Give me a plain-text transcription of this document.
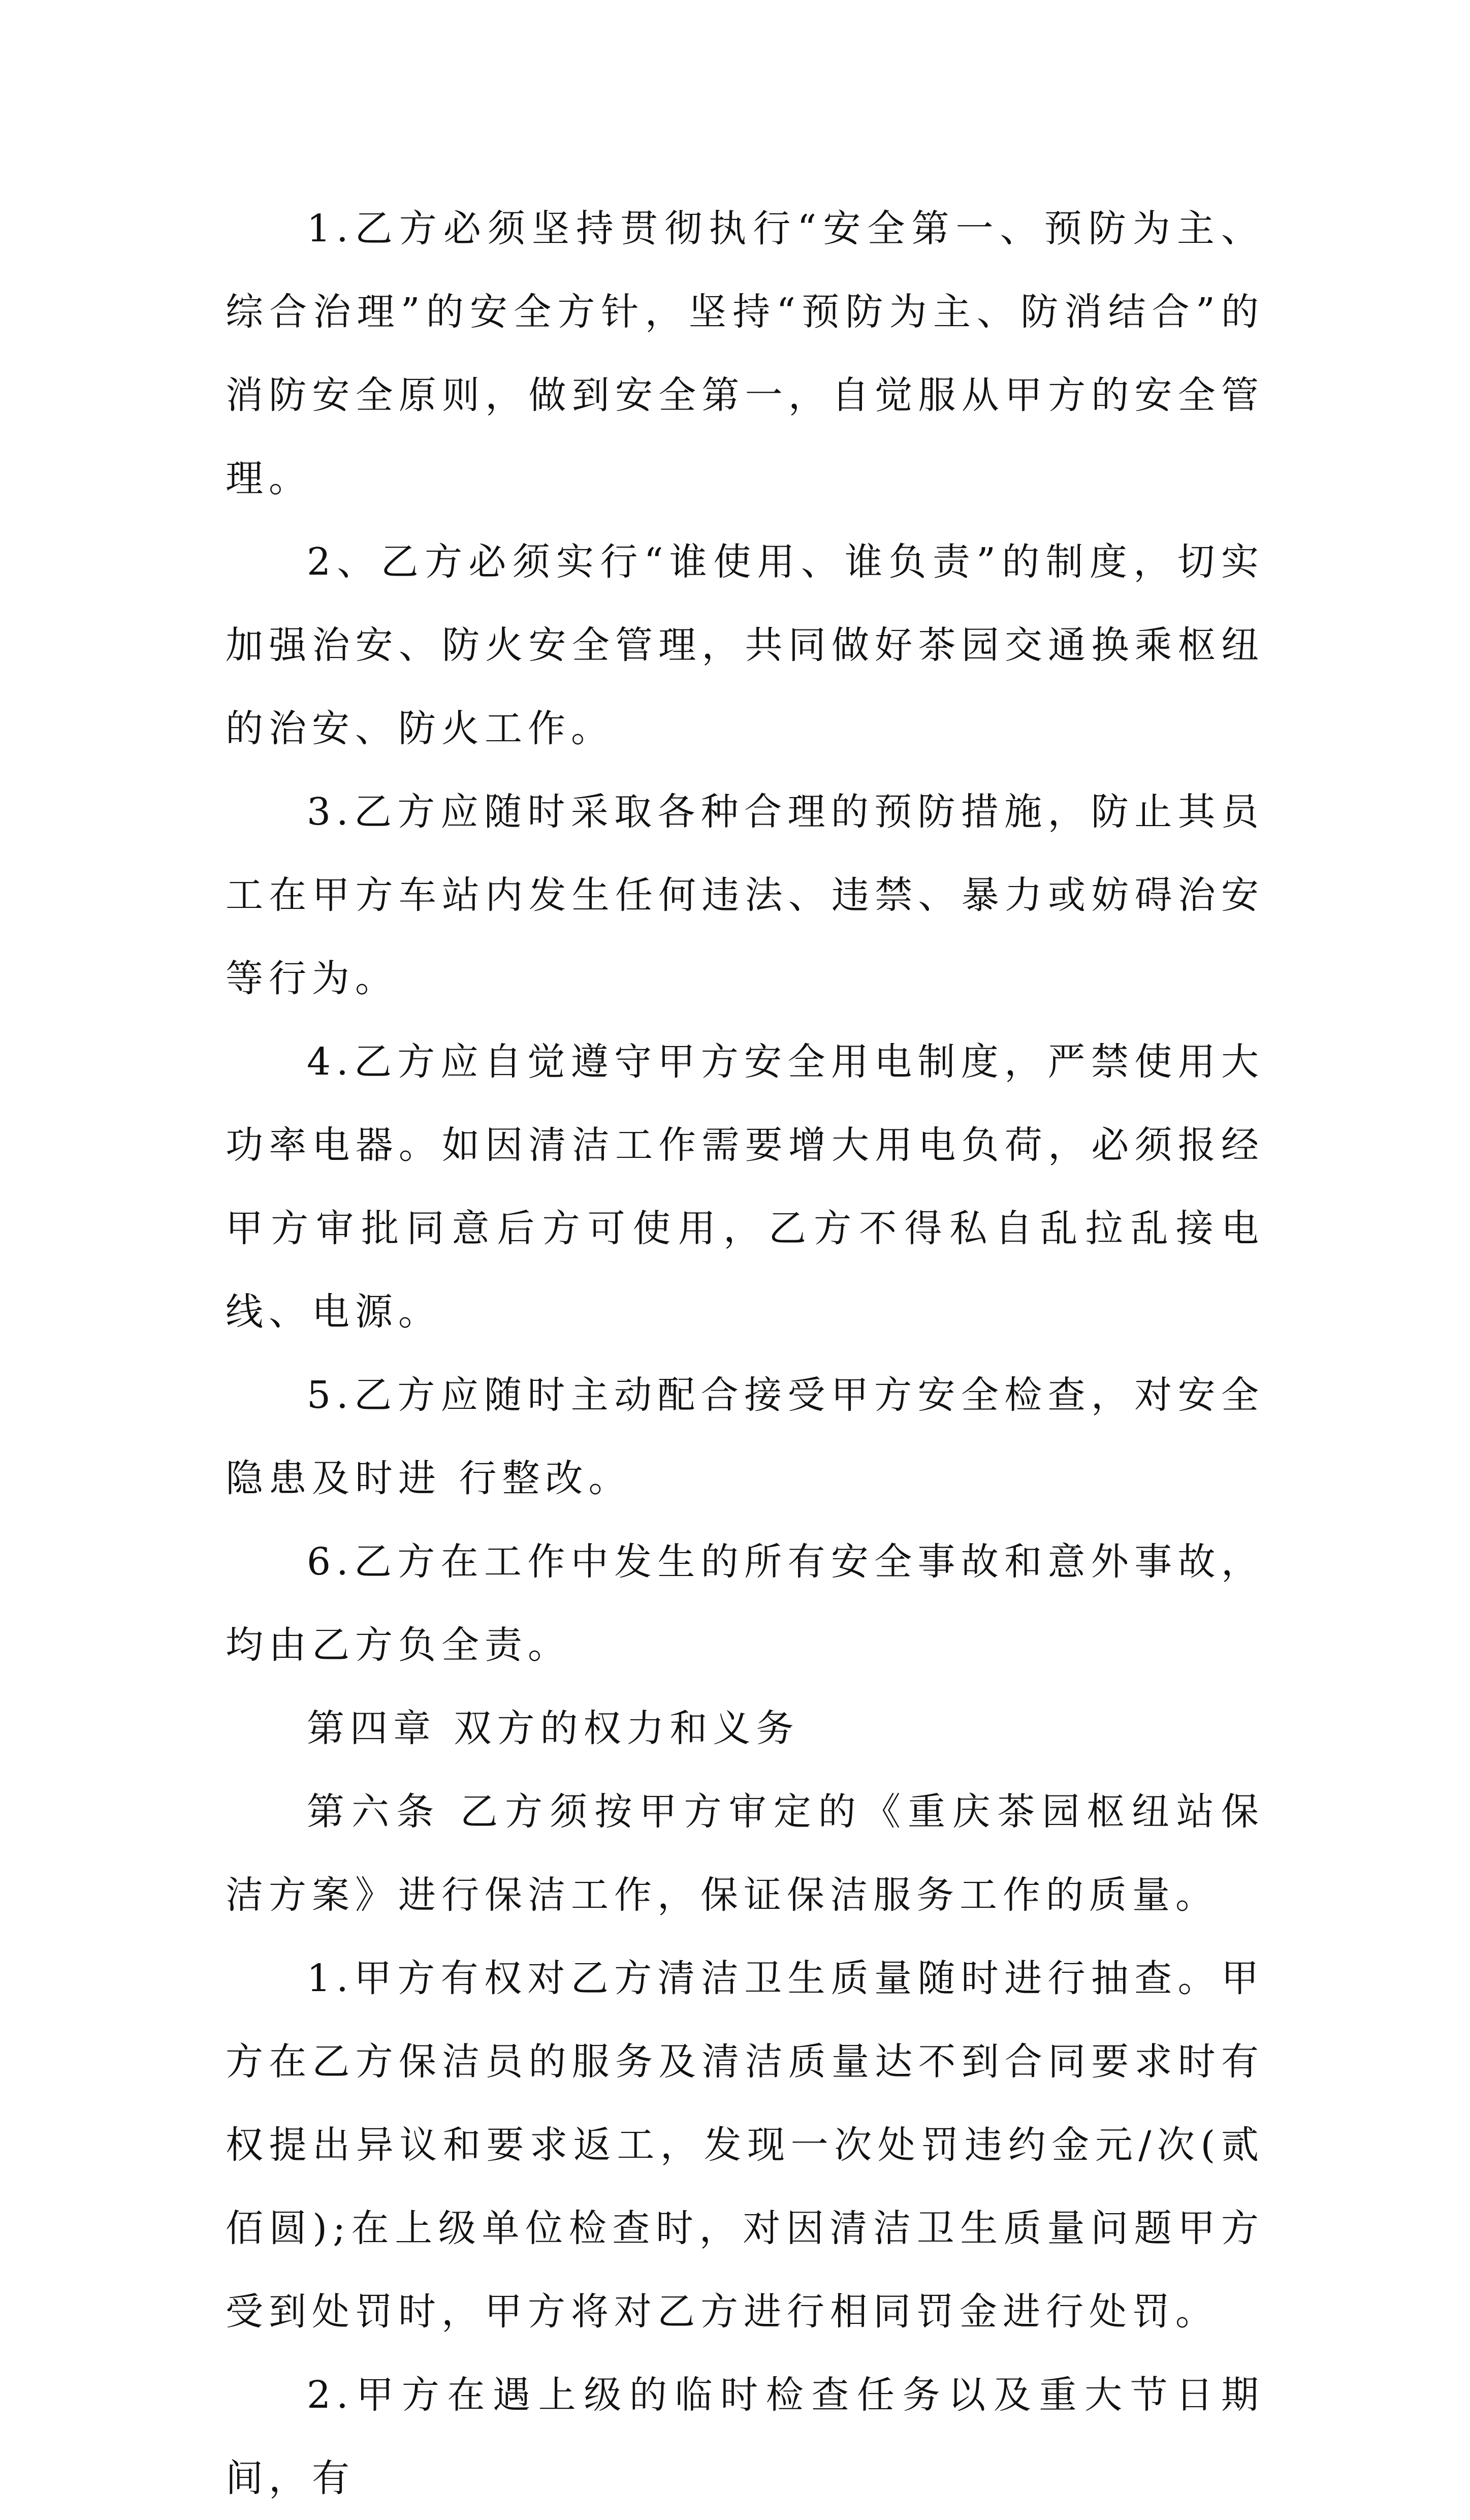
1.乙方必须坚持贯彻执行“安全第一、预防为主、综合治理”的安全方针，坚持“预防为主、防消结合”的消防安全原则，做到安全第一，自觉服从甲方的安全管理。

2、乙方必须实行“谁使用、谁负责”的制度，切实加强治安、防火安全管理，共同做好茶园交通换乘枢纽的治安、防火工作。

3.乙方应随时采取各种合理的预防措施，防止其员工在甲方车站内发生任何违法、违禁、暴力或妨碍治安等行为。

4.乙方应自觉遵守甲方安全用电制度，严禁使用大功率电器。如因清洁工作需要增大用电负荷，必须报经甲方审批同意后方可使用，乙方不得私自乱拉乱接电线、电源。

5.乙方应随时主动配合接受甲方安全检查，对安全隐患及时进 行整改。

6.乙方在工作中发生的所有安全事故和意外事故，均由乙方负全责。

第四章 双方的权力和义务

第六条 乙方须按甲方审定的《重庆茶园枢纽站保洁方案》进行保洁工作，保证保洁服务工作的质量。

1.甲方有权对乙方清洁卫生质量随时进行抽查。甲方在乙方保洁员的服务及清洁质量达不到合同要求时有权提出异议和要求返工，发现一次处罚违约金元/次(贰佰圆);在上级单位检查时，对因清洁卫生质量问题甲方受到处罚时，甲方将对乙方进行相同罚金进行处罚。

2.甲方在遇上级的临时检查任务以及重大节日期间，有
